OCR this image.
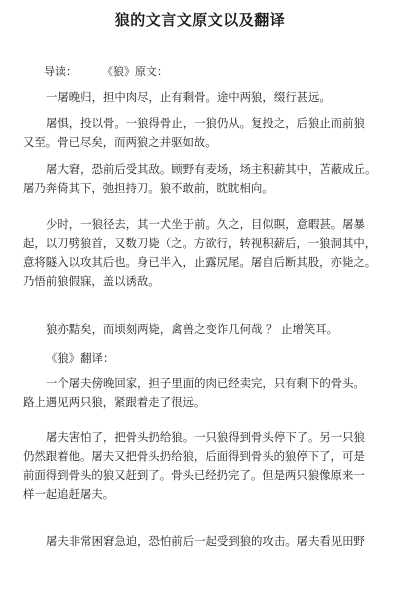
狼的文言文原文以及翻译
导读： 《狼》原文：
一屠晚归，担中肉尽，止有剩骨。途中两狼，缀行甚远。
屠惧，投以骨。一狼得骨止，一狼仍从。复投之，后狼止而前狼
又至。骨已尽矣，而两狼之并驱如故。
屠大窘，恐前后受其敌。顾野有麦场，场主积薪其中，苫蔽成丘。
屠乃奔倚其下，弛担持刀。狼不敢前，眈眈相向。
少时，一狼径去，其一犬坐于前。久之，目似瞑，意暇甚。屠暴
起，以刀劈狼首，又数刀毙（之。方欲行，转视积薪后，一狼洞其中，
意将隧入以攻其后也。身已半入，止露尻尾。屠自后断其股，亦毙之。
乃悟前狼假寐，盖以诱敌。
狼亦黠矣，而顷刻两毙，禽兽之变诈几何哉 ？ 止增笑耳。
《狼》翻译：
一个屠夫傍晚回家，担子里面的肉已经卖完，只有剩下的骨头。
路上遇见两只狼，紧跟着走了很远。
屠夫害怕了，把骨头扔给狼。一只狼得到骨头停下了。另一只狼
仍然跟着他。屠夫又把骨头扔给狼，后面得到骨头的狼停下了，可是
前面得到骨头的狼又赶到了。骨头已经扔完了。但是两只狼像原来一
样一起追赶屠夫。
屠夫非常困窘急迫，恐怕前后一起受到狼的攻击。屠夫看见田野
